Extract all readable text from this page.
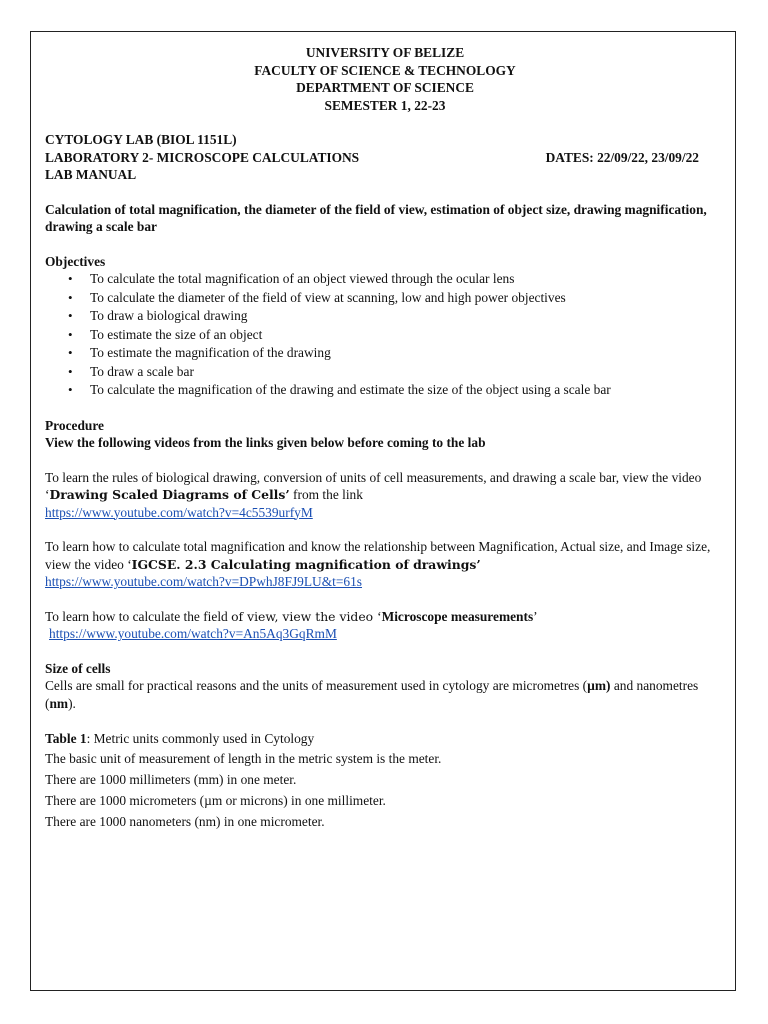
UNIVERSITY OF BELIZE
FACULTY OF SCIENCE & TECHNOLOGY
DEPARTMENT OF SCIENCE
SEMESTER 1, 22-23
CYTOLOGY LAB (BIOL 1151L)
LABORATORY 2- MICROSCOPE CALCULATIONS	DATES: 22/09/22, 23/09/22
LAB MANUAL

Calculation of total magnification, the diameter of the field of view, estimation of object size, drawing magnification, drawing a scale bar

Objectives
• To calculate the total magnification of an object viewed through the ocular lens
• To calculate the diameter of the field of view at scanning, low and high power objectives
• To draw a biological drawing
• To estimate the size of an object
• To estimate the magnification of the drawing
• To draw a scale bar
• To calculate the magnification of the drawing and estimate the size of the object using a scale bar
Procedure
View the following videos from the links given below before coming to the lab

To learn the rules of biological drawing, conversion of units of cell measurements, and drawing a scale bar, view the video ‘Drawing Scaled Diagrams of Cells’ from the link

https://www.youtube.com/watch?v=4c5539urfyM

To learn how to calculate total magnification and know the relationship between Magnification, Actual size, and Image size, view the video ‘IGCSE. 2.3 Calculating magnification of drawings’

https://www.youtube.com/watch?v=DPwhJ8FJ9LU&t=61s

To learn how to calculate the field of view, view the video ‘Microscope measurements’

https://www.youtube.com/watch?v=An5Aq3GqRmM
Size of cells

Cells are small for practical reasons and the units of measurement used in cytology are micrometres (µm) and nanometres (nm).

Table 1: Metric units commonly used in Cytology

The basic unit of measurement of length in the metric system is the meter.

There are 1000 millimeters (mm) in one meter.

There are 1000 micrometers (µm or microns) in one millimeter.

There are 1000 nanometers (nm) in one micrometer.
